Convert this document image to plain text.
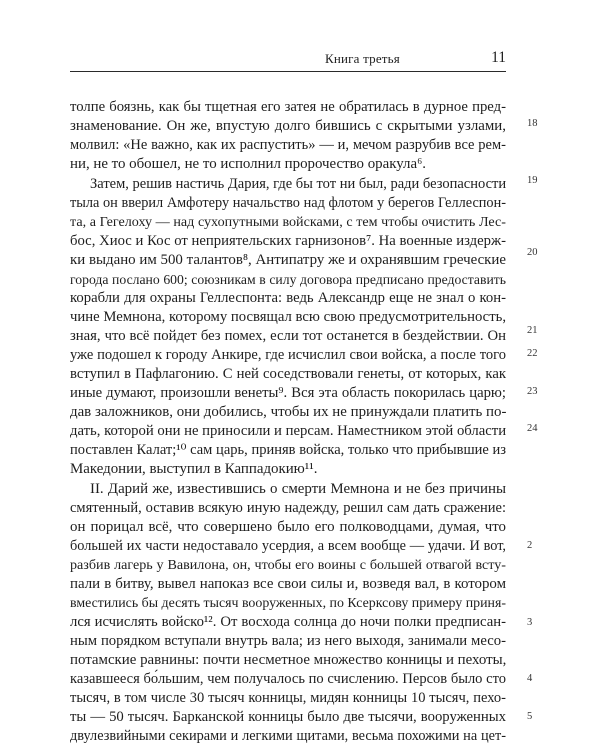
Книга третья	11
толпе боязнь, как бы тщетная его затея не обратилась в дурное пред-
знаменование. Он же, впустую долго бившись с скрытыми узлами,
молвил: «Не важно, как их распустить» — и, мечом разрубив все рем-
ни, не то обошел, не то исполнил пророчество оракула⁶.
Затем, решив настичь Дария, где бы тот ни был, ради безопасности
тыла он вверил Амфотеру начальство над флотом у берегов Геллеспон-
та, а Гегелоху — над сухопутными войсками, с тем чтобы очистить Лес-
бос, Хиос и Кос от неприятельских гарнизонов⁷. На военные издерж-
ки выдано им 500 талантов⁸, Антипатру же и охранявшим греческие
города послано 600; союзникам в силу договора предписано предоставить
корабли для охраны Геллеспонта: ведь Александр еще не знал о кон-
чине Мемнона, которому посвящал всю свою предусмотрительность,
зная, что всё пойдет без помех, если тот останется в бездействии. Он
уже подошел к городу Анкире, где исчислил свои войска, а после того
вступил в Пафлагонию. С ней соседствовали генеты, от которых, как
иные думают, произошли венеты⁹. Вся эта область покорилась царю;
дав заложников, они добились, чтобы их не принуждали платить по-
дать, которой они не приносили и персам. Наместником этой области
поставлен Калат;¹⁰ сам царь, приняв войска, только что прибывшие из
Македонии, выступил в Каппадокию¹¹.
II. Дарий же, известившись о смерти Мемнона и не без причины
смятенный, оставив всякую иную надежду, решил сам дать сражение:
он порицал всё, что совершено было его полководцами, думая, что
большей их части недоставало усердия, а всем вообще — удачи. И вот,
разбив лагерь у Вавилона, он, чтобы его воины с большей отвагой всту-
пали в битву, вывел напоказ все свои силы и, возведя вал, в котором
вместились бы десять тысяч вооруженных, по Ксерксову примеру приня-
лся исчислять войско¹². От восхода солнца до ночи полки предписан-
ным порядком вступали внутрь вала; из него выходя, занимали месо-
потамские равнины: почти несметное множество конницы и пехоты,
казавшееся бо́льшим, чем получалось по счислению. Персов было сто
тысяч, в том числе 30 тысяч конницы, мидян конницы 10 тысяч, пехо-
ты — 50 тысяч. Барканской конницы было две тысячи, вооруженных
двулезвийными секирами и легкими щитами, весьма похожими на цет-
18
19
20
21
22
23
24
2
3
4
5
